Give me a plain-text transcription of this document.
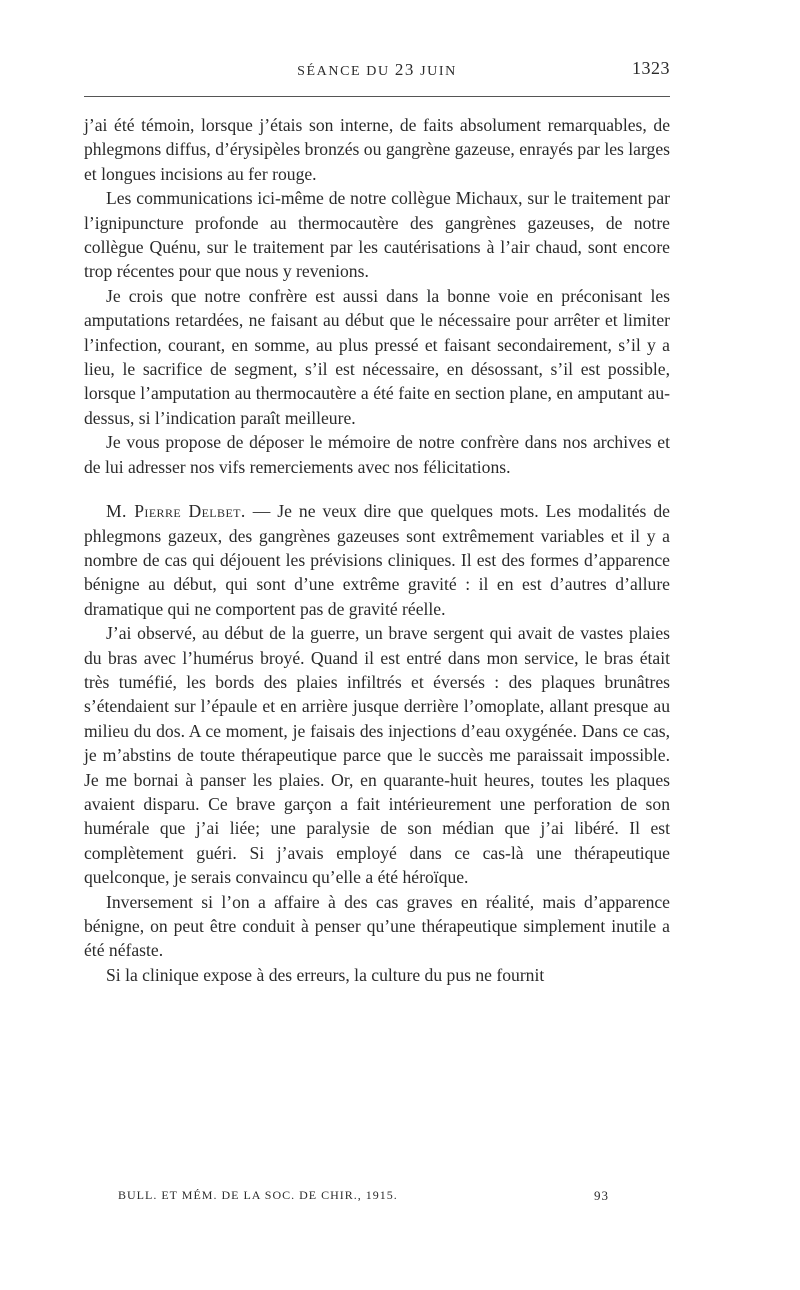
SÉANCE DU 23 JUIN	1323

j’ai été témoin, lorsque j’étais son interne, de faits absolument remarquables, de phlegmons diffus, d’érysipèles bronzés ou gangrène gazeuse, enrayés par les larges et longues incisions au fer rouge.

Les communications ici-même de notre collègue Michaux, sur le traitement par l’ignipuncture profonde au thermocautère des gangrènes gazeuses, de notre collègue Quénu, sur le traitement par les cautérisations à l’air chaud, sont encore trop récentes pour que nous y revenions.

Je crois que notre confrère est aussi dans la bonne voie en préconisant les amputations retardées, ne faisant au début que le nécessaire pour arrêter et limiter l’infection, courant, en somme, au plus pressé et faisant secondairement, s’il y a lieu, le sacrifice de segment, s’il est nécessaire, en désossant, s’il est possible, lorsque l’amputation au thermocautère a été faite en section plane, en amputant au-dessus, si l’indication paraît meilleure.

Je vous propose de déposer le mémoire de notre confrère dans nos archives et de lui adresser nos vifs remerciements avec nos félicitations.

M. Pierre Delbet. — Je ne veux dire que quelques mots. Les modalités de phlegmons gazeux, des gangrènes gazeuses sont extrêmement variables et il y a nombre de cas qui déjouent les prévisions cliniques. Il est des formes d’apparence bénigne au début, qui sont d’une extrême gravité : il en est d’autres d’allure dramatique qui ne comportent pas de gravité réelle.

J’ai observé, au début de la guerre, un brave sergent qui avait de vastes plaies du bras avec l’humérus broyé. Quand il est entré dans mon service, le bras était très tuméfié, les bords des plaies infiltrés et éversés : des plaques brunâtres s’étendaient sur l’épaule et en arrière jusque derrière l’omoplate, allant presque au milieu du dos. A ce moment, je faisais des injections d’eau oxygénée. Dans ce cas, je m’abstins de toute thérapeutique parce que le succès me paraissait impossible. Je me bornai à panser les plaies. Or, en quarante-huit heures, toutes les plaques avaient disparu. Ce brave garçon a fait intérieurement une perforation de son humérale que j’ai liée; une paralysie de son médian que j’ai libéré. Il est complètement guéri. Si j’avais employé dans ce cas-là une thérapeutique quelconque, je serais convaincu qu’elle a été héroïque.

Inversement si l’on a affaire à des cas graves en réalité, mais d’apparence bénigne, on peut être conduit à penser qu’une thérapeutique simplement inutile a été néfaste.

Si la clinique expose à des erreurs, la culture du pus ne fournit

BULL. ET MÉM. DE LA SOC. DE CHIR., 1915.	93
